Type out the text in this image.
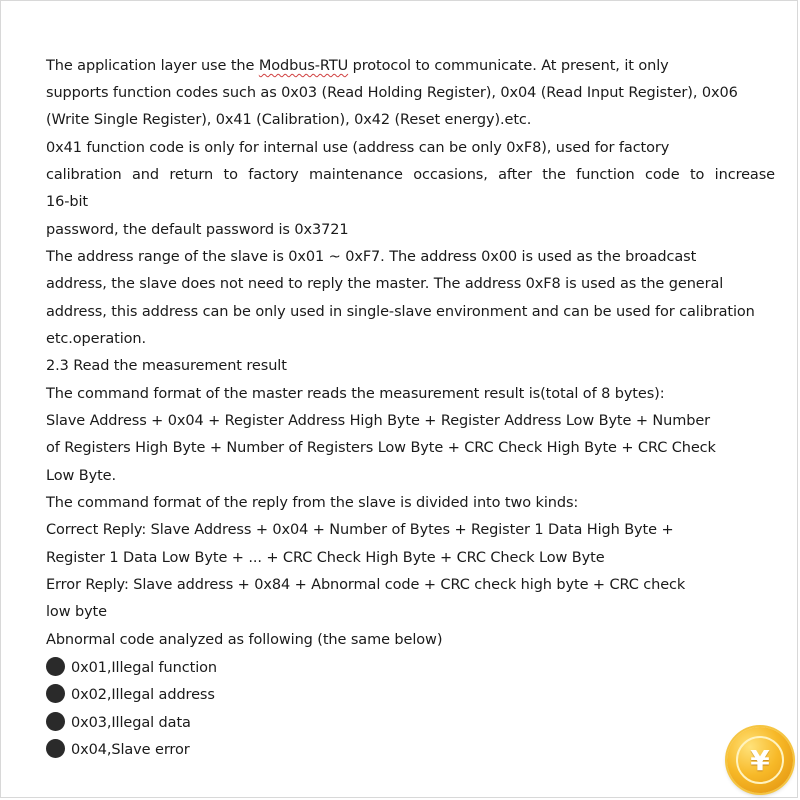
The application layer use the Modbus-RTU protocol to communicate. At present, it only
supports function codes such as 0x03 (Read Holding Register), 0x04 (Read Input Register), 0x06
(Write Single Register), 0x41 (Calibration), 0x42 (Reset energy).etc.
0x41 function code is only for internal use (address can be only 0xF8), used for factory
calibration and return to factory maintenance occasions, after the function code to increase
16-bit
password, the default password is 0x3721
The address range of the slave is 0x01 ~ 0xF7. The address 0x00 is used as the broadcast
address, the slave does not need to reply the master. The address 0xF8 is used as the general
address, this address can be only used in single-slave environment and can be used for calibration
etc.operation.
2.3 Read the measurement result
The command format of the master reads the measurement result is(total of 8 bytes):
Slave Address + 0x04 + Register Address High Byte + Register Address Low Byte + Number
of Registers High Byte + Number of Registers Low Byte + CRC Check High Byte + CRC Check
Low Byte.
The command format of the reply from the slave is divided into two kinds:
Correct Reply: Slave Address + 0x04 + Number of Bytes + Register 1 Data High Byte +
Register 1 Data Low Byte + ... + CRC Check High Byte + CRC Check Low Byte
Error Reply: Slave address + 0x84 + Abnormal code + CRC check high byte + CRC check
low byte
Abnormal code analyzed as following (the same below)
0x01,Illegal function
0x02,Illegal address
0x03,Illegal data
0x04,Slave error	¥
